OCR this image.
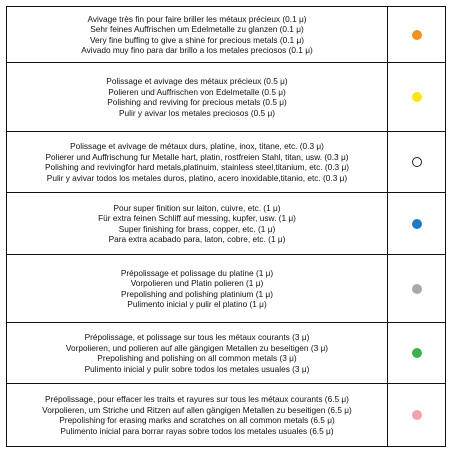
Avivage très fin pour faire briller les métaux précieux (0.1 μ)
Sehr feines Auffrischen um Edelmetalle zu glanzen (0.1 μ)
Very fine buffing to give a shine for precious metals (0.1 μ)
Avivado muy fino para dar brillo a los metales preciosos (0.1 μ)
Polissage et avivage des métaux précieux (0.5 μ)
Polieren und Auffrischen von Edelmetalle (0.5 μ)
Polishing and reviving for precious metals (0.5 μ)
Pulir y avivar los metales preciosos (0.5 μ)
Polissage et avivage de métaux durs, platine, inox, titane, etc. (0.3 μ)
Polierer und Auffrischung fur Metalle hart, platin, rostfreien Stahl, titan, usw. (0.3 μ)
Polishing and revivingfor hard metals,platinuim, stainless steel,titanium, etc. (0.3 μ)
Pulir y avivar todos los metales duros, platino, acero inoxidable,titanio, etc. (0.3 μ)
Pour super finition sur laiton, cuivre, etc. (1 μ)
Für extra feinen Schliff auf messing, kupfer, usw. (1 μ)
Super finishing for brass, copper, etc. (1 μ)
Para extra acabado para, laton, cobre, etc. (1 μ)
Prépolissage et polissage du platine (1 μ)
Vorpolieren und Platin polieren (1 μ)
Prepolishing and polishing platinium (1 μ)
Pulimento inicial y pulir el platino (1 μ)
Prépolissage, et polissage sur tous les métaux courants (3 μ)
Vorpolieren, und polieren auf alle gängigen Metallen zu beseitigen (3 μ)
Prepolishing and polishing on all common metals (3 μ)
Pulimento inicial y pulir sobre todos los metales usuales (3 μ)
Prépolissage, pour effacer les traits et rayures sur tous les métaux courants (6.5 μ)
Vorpolieren, um Striche und Ritzen auf allen gängigen Metallen zu beseitigen (6.5 μ)
Prepolishing for erasing marks and scratches on all common metals (6.5 μ)
Pulimento inicial para borrar rayas sobre todos los metales usuales (6.5 μ)
